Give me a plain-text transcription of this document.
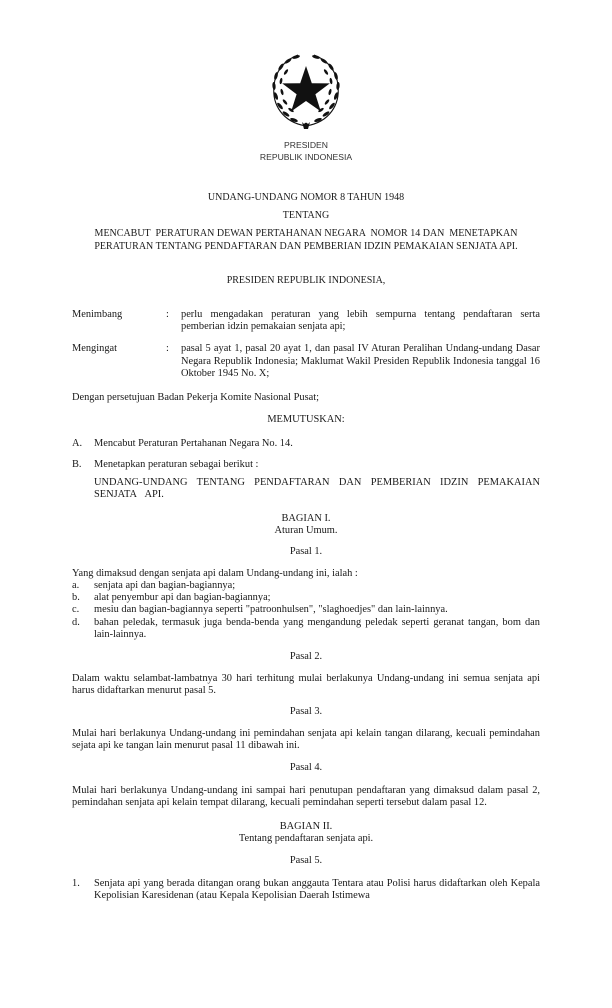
PRESIDEN
REPUBLIK INDONESIA

UNDANG-UNDANG NOMOR 8 TAHUN 1948

TENTANG

MENCABUT  PERATURAN DEWAN PERTAHANAN NEGARA  NOMOR 14 DAN  MENETAPKAN

PERATURAN TENTANG PENDAFTARAN DAN PEMBERIAN IDZIN PEMAKAIAN SENJATA API.

PRESIDEN REPUBLIK INDONESIA,

Menimbang	:	perlu mengadakan peraturan yang lebih sempurna tentang pendaftaran serta pemberian idzin pemakaian senjata api;
Mengingat	:	pasal 5 ayat 1, pasal 20 ayat 1, dan pasal IV Aturan Peralihan Undang-undang Dasar Negara Republik Indonesia; Maklumat Wakil Presiden Republik Indonesia tanggal 16 Oktober 1945 No. X;

Dengan persetujuan Badan Pekerja Komite Nasional Pusat;

MEMUTUSKAN:

A.	Mencabut Peraturan Pertahanan Negara No. 14.
B.	Menetapkan peraturan sebagai berikut :

UNDANG-UNDANG TENTANG PENDAFTARAN DAN PEMBERIAN IDZIN PEMAKAIAN SENJATA API.

BAGIAN I.

Aturan Umum.

Pasal 1.

Yang dimaksud dengan senjata api dalam Undang-undang ini, ialah :

a.	senjata api dan bagian-bagiannya;
b.	alat penyembur api dan bagian-bagiannya;
c.	mesiu dan bagian-bagiannya seperti "patroonhulsen", "slaghoedjes" dan lain-lainnya.
d.	bahan peledak, termasuk juga benda-benda yang mengandung peledak seperti geranat tangan, bom dan lain-lainnya.

Pasal 2.

Dalam waktu selambat-lambatnya 30 hari terhitung mulai berlakunya Undang-undang ini semua senjata api harus didaftarkan menurut pasal 5.

Pasal 3.

Mulai hari berlakunya Undang-undang ini pemindahan senjata api kelain tangan dilarang, kecuali pemindahan sejata api ke tangan lain menurut pasal 11 dibawah ini.

Pasal 4.

Mulai hari berlakunya Undang-undang ini sampai hari penutupan pendaftaran yang dimaksud dalam pasal 2, pemindahan senjata api kelain tempat dilarang, kecuali pemindahan seperti tersebut dalam pasal 12.

BAGIAN II.

Tentang pendaftaran senjata api.

Pasal 5.

1.	Senjata api yang berada ditangan orang bukan anggauta Tentara atau Polisi harus didaftarkan oleh Kepala Kepolisian Karesidenan (atau Kepala Kepolisian Daerah Istimewa
